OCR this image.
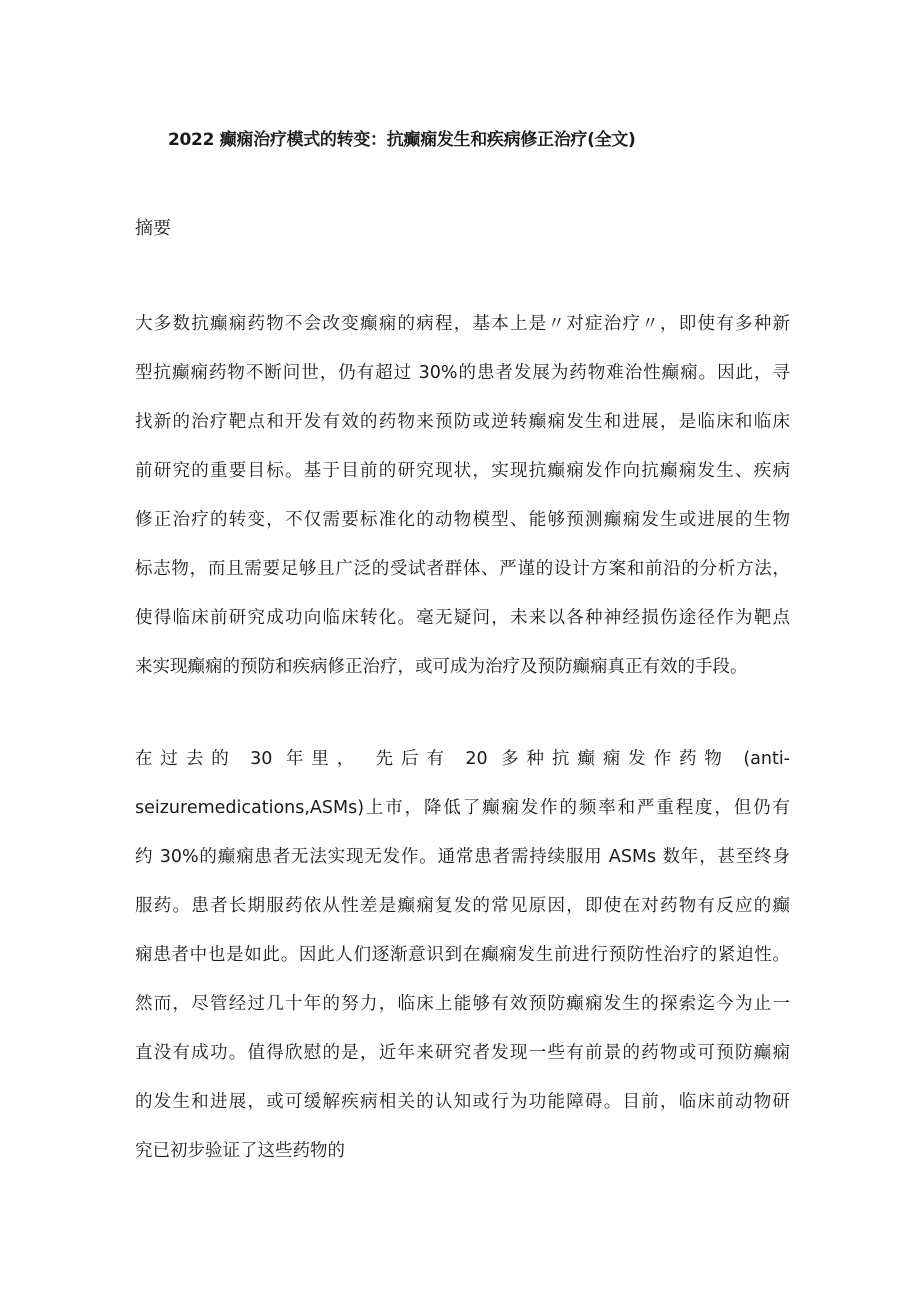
2022 癫痫治疗模式的转变：抗癫痫发生和疾病修正治疗(全文)
摘要
大多数抗癫痫药物不会改变癫痫的病程，基本上是〃对症治疗〃，即使有多种新
型抗癫痫药物不断问世，仍有超过 30%的患者发展为药物难治性癫痫。因此，寻
找新的治疗靶点和开发有效的药物来预防或逆转癫痫发生和进展，是临床和临床
前研究的重要目标。基于目前的研究现状，实现抗癫痫发作向抗癫痫发生、疾病
修正治疗的转变，不仅需要标准化的动物模型、能够预测癫痫发生或进展的生物
标志物，而且需要足够且广泛的受试者群体、严谨的设计方案和前沿的分析方法，
使得临床前研究成功向临床转化。毫无疑问，未来以各种神经损伤途径作为靶点
来实现癫痫的预防和疾病修正治疗，或可成为治疗及预防癫痫真正有效的手段。
在过去的 30 年里， 先后有 20 多种抗癫痫发作药物 (anti-
seizuremedications,ASMs)上市，降低了癫痫发作的频率和严重程度，但仍有
约 30%的癫痫患者无法实现无发作。通常患者需持续服用 ASMs 数年，甚至终身
服药。患者长期服药依从性差是癫痫复发的常见原因，即使在对药物有反应的癫
痫患者中也是如此。因此人们逐渐意识到在癫痫发生前进行预防性治疗的紧迫性。
然而，尽管经过几十年的努力，临床上能够有效预防癫痫发生的探索迄今为止一
直没有成功。值得欣慰的是，近年来研究者发现一些有前景的药物或可预防癫痫
的发生和进展，或可缓解疾病相关的认知或行为功能障碍。目前，临床前动物研
究已初步验证了这些药物的
